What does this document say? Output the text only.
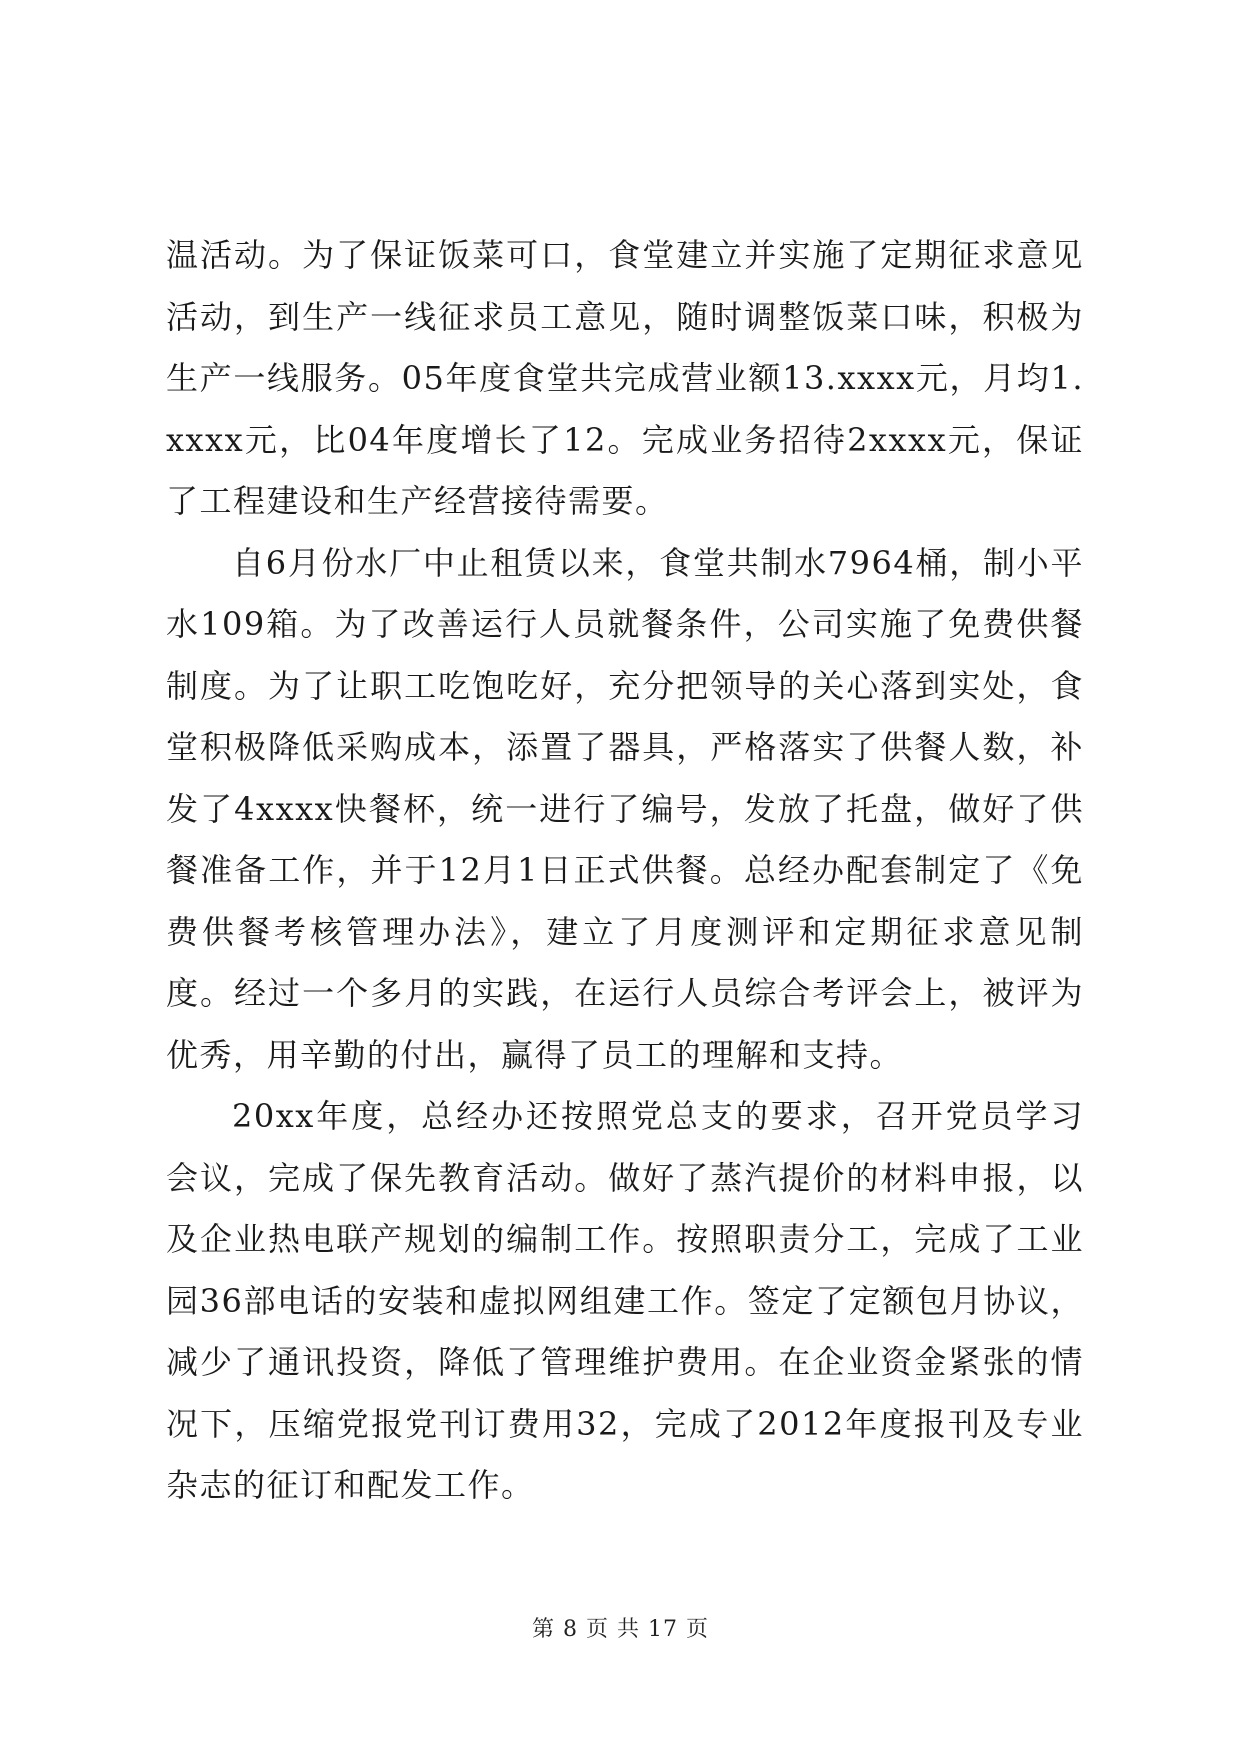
温活动。为了保证饭菜可口，食堂建立并实施了定期征求意见活动，到生产一线征求员工意见，随时调整饭菜口味，积极为生产一线服务。05年度食堂共完成营业额13.xxxx元，月均1.xxxx元，比04年度增长了12。完成业务招待2xxxx元，保证了工程建设和生产经营接待需要。

自6月份水厂中止租赁以来，食堂共制水7964桶，制小平水109箱。为了改善运行人员就餐条件，公司实施了免费供餐制度。为了让职工吃饱吃好，充分把领导的关心落到实处，食堂积极降低采购成本，添置了器具，严格落实了供餐人数，补发了4xxxx快餐杯，统一进行了编号，发放了托盘，做好了供餐准备工作，并于12月1日正式供餐。总经办配套制定了《免费供餐考核管理办法》，建立了月度测评和定期征求意见制度。经过一个多月的实践，在运行人员综合考评会上，被评为优秀，用辛勤的付出，赢得了员工的理解和支持。

20xx年度，总经办还按照党总支的要求，召开党员学习会议，完成了保先教育活动。做好了蒸汽提价的材料申报，以及企业热电联产规划的编制工作。按照职责分工，完成了工业园36部电话的安装和虚拟网组建工作。签定了定额包月协议，减少了通讯投资，降低了管理维护费用。在企业资金紧张的情况下，压缩党报党刊订费用32，完成了2012年度报刊及专业杂志的征订和配发工作。

第 8 页 共 17 页
